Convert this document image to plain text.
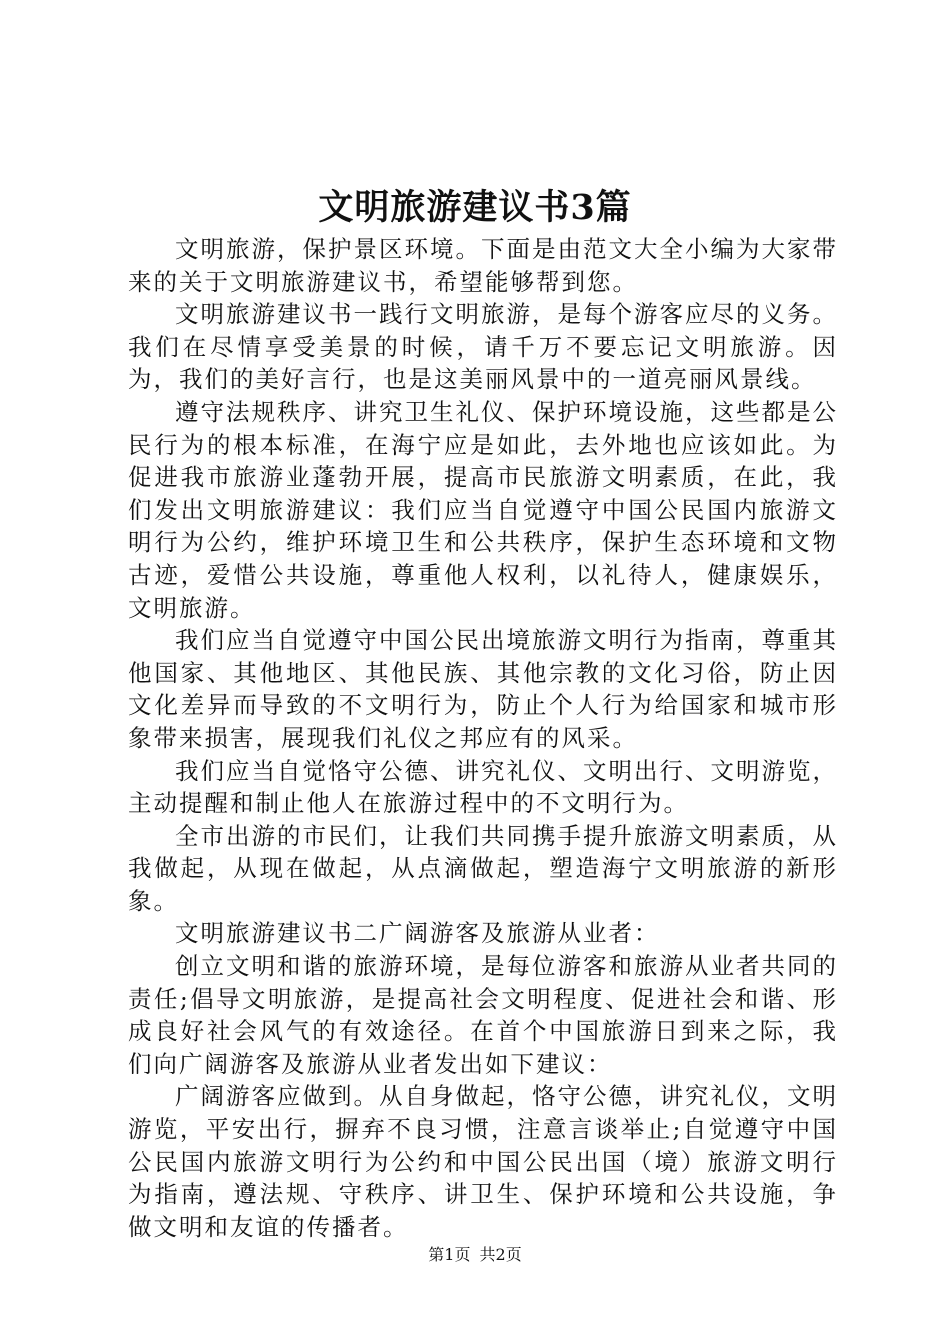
文明旅游建议书3篇

文明旅游，保护景区环境。下面是由范文大全小编为大家带来的关于文明旅游建议书，希望能够帮到您。

文明旅游建议书一践行文明旅游，是每个游客应尽的义务。我们在尽情享受美景的时候，请千万不要忘记文明旅游。因为，我们的美好言行，也是这美丽风景中的一道亮丽风景线。

遵守法规秩序、讲究卫生礼仪、保护环境设施，这些都是公民行为的根本标准，在海宁应是如此，去外地也应该如此。为促进我市旅游业蓬勃开展，提高市民旅游文明素质，在此，我们发出文明旅游建议：我们应当自觉遵守中国公民国内旅游文明行为公约，维护环境卫生和公共秩序，保护生态环境和文物古迹，爱惜公共设施，尊重他人权利，以礼待人，健康娱乐，文明旅游。

我们应当自觉遵守中国公民出境旅游文明行为指南，尊重其他国家、其他地区、其他民族、其他宗教的文化习俗，防止因文化差异而导致的不文明行为，防止个人行为给国家和城市形象带来损害，展现我们礼仪之邦应有的风采。

我们应当自觉恪守公德、讲究礼仪、文明出行、文明游览，主动提醒和制止他人在旅游过程中的不文明行为。

全市出游的市民们，让我们共同携手提升旅游文明素质，从我做起，从现在做起，从点滴做起，塑造海宁文明旅游的新形象。

文明旅游建议书二广阔游客及旅游从业者：

创立文明和谐的旅游环境，是每位游客和旅游从业者共同的责任;倡导文明旅游，是提高社会文明程度、促进社会和谐、形成良好社会风气的有效途径。在首个中国旅游日到来之际，我们向广阔游客及旅游从业者发出如下建议：

广阔游客应做到。从自身做起，恪守公德，讲究礼仪，文明游览，平安出行，摒弃不良习惯，注意言谈举止;自觉遵守中国公民国内旅游文明行为公约和中国公民出国（境）旅游文明行为指南，遵法规、守秩序、讲卫生、保护环境和公共设施，争做文明和友谊的传播者。

第1页 共2页
